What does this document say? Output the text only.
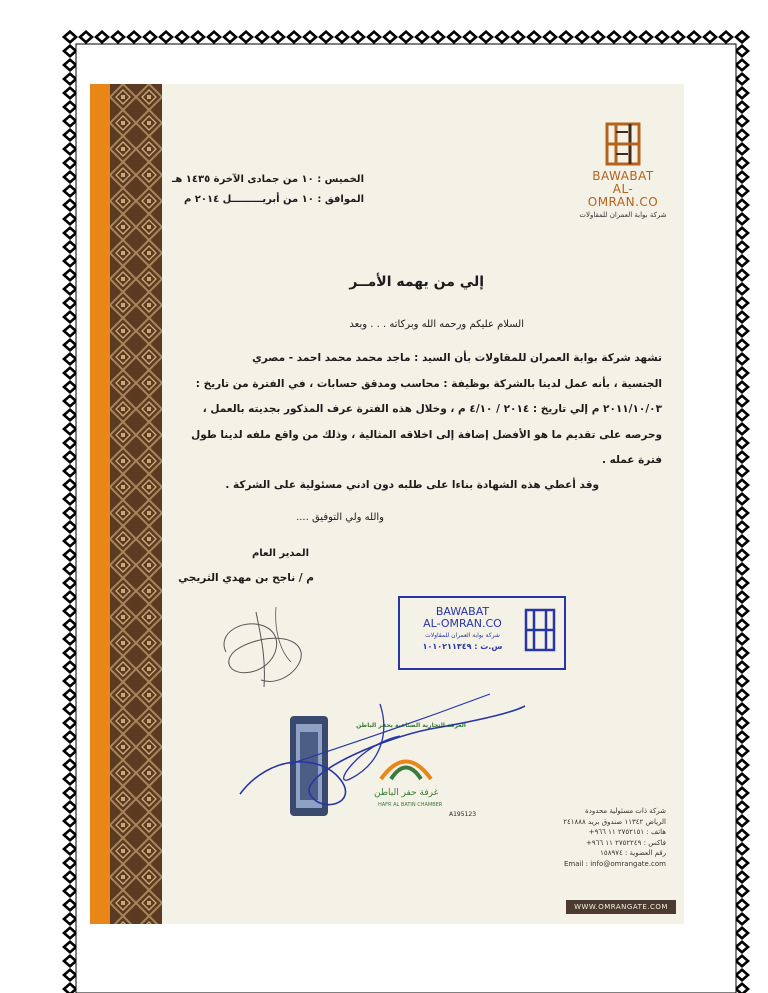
الخميس : ١٠ من جمادى الآخرة ١٤٣٥ هـ
الموافق : ١٠ من أبريـــــــــل ٢٠١٤ م
BAWABAT
AL-OMRAN.CO
شركة بوابة العمران للمقاولات
إلي من يهمه الأمــر
السلام عليكم ورحمه الله وبركاته . . . وبعد
تشهد شركة بوابة العمران للمقاولات بأن السيد : ماجد محمد محمد احمد - مصري
الجنسية ، بأنه عمل لدينا بالشركة بوظيفة : محاسب ومدقق حسابات ، في الفترة من تاريخ :
٢٠١١/١٠/٠٣ م إلي تاريخ : ٢٠١٤ / ٤/١٠ م ، وخلال هذه الفترة عرف المذكور بجديته بالعمل ،
وحرصه على تقديم ما هو الأفضل إضافة إلى اخلاقه المثالية ، وذلك من واقع ملفه لدينا طول
فترة عمله .
وقد أعطي هذه الشهادة بناءا على طلبه دون ادني مسئولية على الشركة .
والله ولي التوفيق ....
المدير العام
م / ناجح بن مهدي الثريجي
BAWABAT
AL-OMRAN.CO
شركة بوابة العمران للمقاولات
س.ت : ١٠١٠٢١١٣٤٩
الغرفة التجارية الصناعية بحفر الباطن
غرفة حفر الباطن
HAFR AL BATIN CHAMBER
A195123	شركة ذات مسئولية محدودة
الرياض ١١٣٤٢ صندوق بريد ٢٤١٨٨٨
هاتف : ٢٧٥٢١٥١ ١١ ٩٦٦+
فاكس : ٢٧٥٢٢٤٩ ١١ ٩٦٦+
رقم العضوية : ١٥٨٩٧٤
Email : info@omrangate.com
WWW.OMRANGATE.COM
